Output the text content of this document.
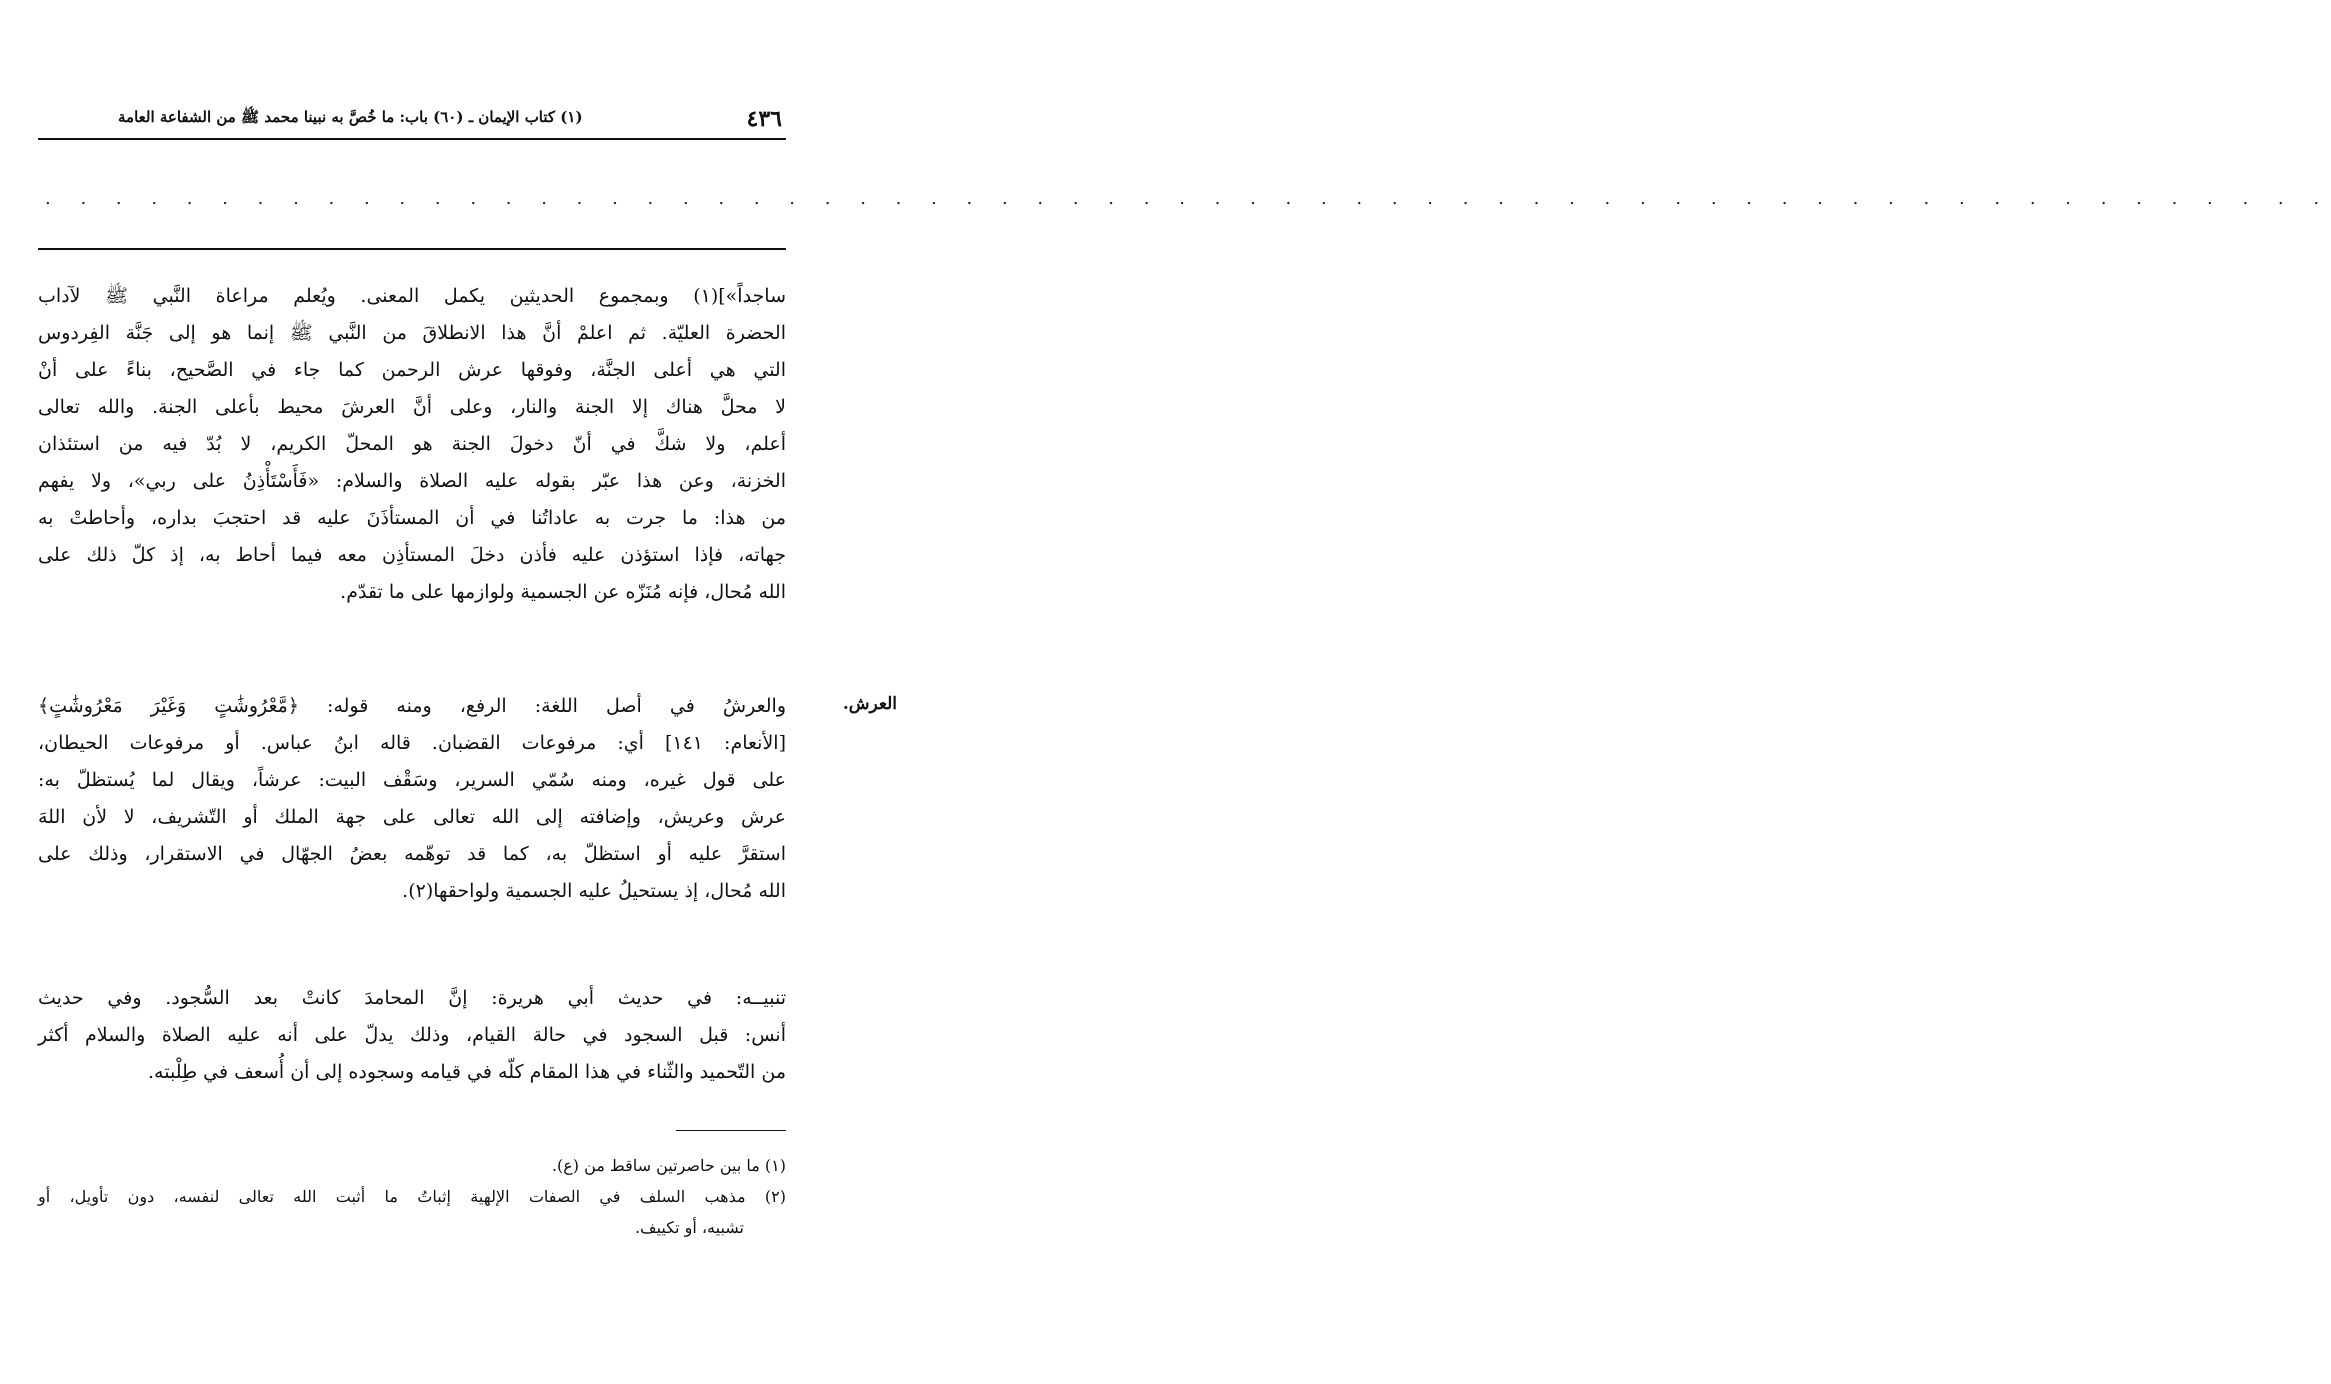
٤٣٦
(١) كتاب الإيمان ـ (٦٠) باب: ما خُصَّ به نبينا محمد ﷺ من الشفاعة العامة
. . . . . . . . . . . . . . . . . . . . . . . . . . . . . . . . . . . . . . . . . . . . . . . . . . . . . . . . . . . . . . . . .
ساجداً»](١) وبمجموع الحديثين يكمل المعنى. ويُعلم مراعاة النَّبي ﷺ لآداب
الحضرة العليّة. ثم اعلمْ أنَّ هذا الانطلاقَ من النَّبي ﷺ إنما هو إلى جَنَّة الفِردوس
التي هي أعلى الجنَّة، وفوقها عرش الرحمن كما جاء في الصَّحيح، بناءً على أنْ
لا محلَّ هناك إلا الجنة والنار، وعلى أنَّ العرشَ محيط بأعلى الجنة. والله تعالى
أعلم، ولا شكَّ في أنّ دخولَ الجنة هو المحلّ الكريم، لا بُدّ فيه من استئذان
الخزنة، وعن هذا عبّر بقوله عليه الصلاة والسلام: «فَأَسْتَأْذِنُ على ربي»، ولا يفهم
من هذا: ما جرت به عاداتُنا في أن المستأذَنَ عليه قد احتجبَ بداره، وأحاطتْ به
جهاته، فإذا استؤذن عليه فأذن دخلَ المستأذِن معه فيما أحاط به، إذ كلّ ذلك على
الله مُحال، فإنه مُنَزّه عن الجسمية ولوازمها على ما تقدّم.
العرش.
والعرشُ في أصل اللغة: الرفع، ومنه قوله: ﴿مَّعْرُوشَٰتٍ وَغَيْرَ مَعْرُوشَٰتٍ﴾
[الأنعام: ١٤١] أي: مرفوعات القضبان. قاله ابنُ عباس. أو مرفوعات الحيطان،
على قول غيره، ومنه سُمّي السرير، وسَقْف البيت: عرشاً، ويقال لما يُستظلّ به:
عرش وعريش، وإضافته إلى الله تعالى على جهة الملك أو التّشريف، لا لأن اللهَ
استقرَّ عليه أو استظلّ به، كما قد توهّمه بعضُ الجهّال في الاستقرار، وذلك على
الله مُحال، إذ يستحيلُ عليه الجسمية ولواحقها(٢).
تنبيــه: في حديث أبي هريرة: إنَّ المحامدَ كانتْ بعد السُّجود. وفي حديث
أنس: قبل السجود في حالة القيام، وذلك يدلّ على أنه عليه الصلاة والسلام أكثر
من التّحميد والثّناء في هذا المقام كلّه في قيامه وسجوده إلى أن أُسعف في طِلْبته.
(١) ما بين حاصرتين ساقط من (ع).
(٢) مذهب السلف في الصفات الإلهية إثباتُ ما أثبت الله تعالى لنفسه، دون تأويل، أو
تشبيه، أو تكييف.
